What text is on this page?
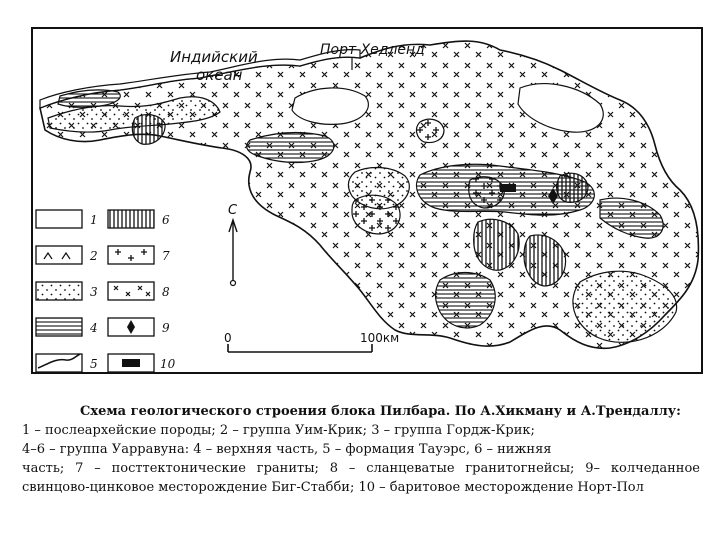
Индийский
океан
Порт Хедленд
С
0	100км
1
2
3
4
5
6
7
8
9
10
Схема геологического строения блока Пилбара. По А.Хикману и А.Трендаллу:
1 – послеархейские породы; 2 – группа Уим-Крик; 3 – группа Гордж-Крик;
4–6 – группа Уарравуна: 4 – верхняя часть, 5 – формация Тауэрс, 6 – нижняя
часть; 7 – посттектонические граниты; 8 – сланцеватые гранитогнейсы; 9– колчеданное свинцово-цинковое месторождение Биг-Стабби; 10 – баритовое месторождение Норт-Пол
